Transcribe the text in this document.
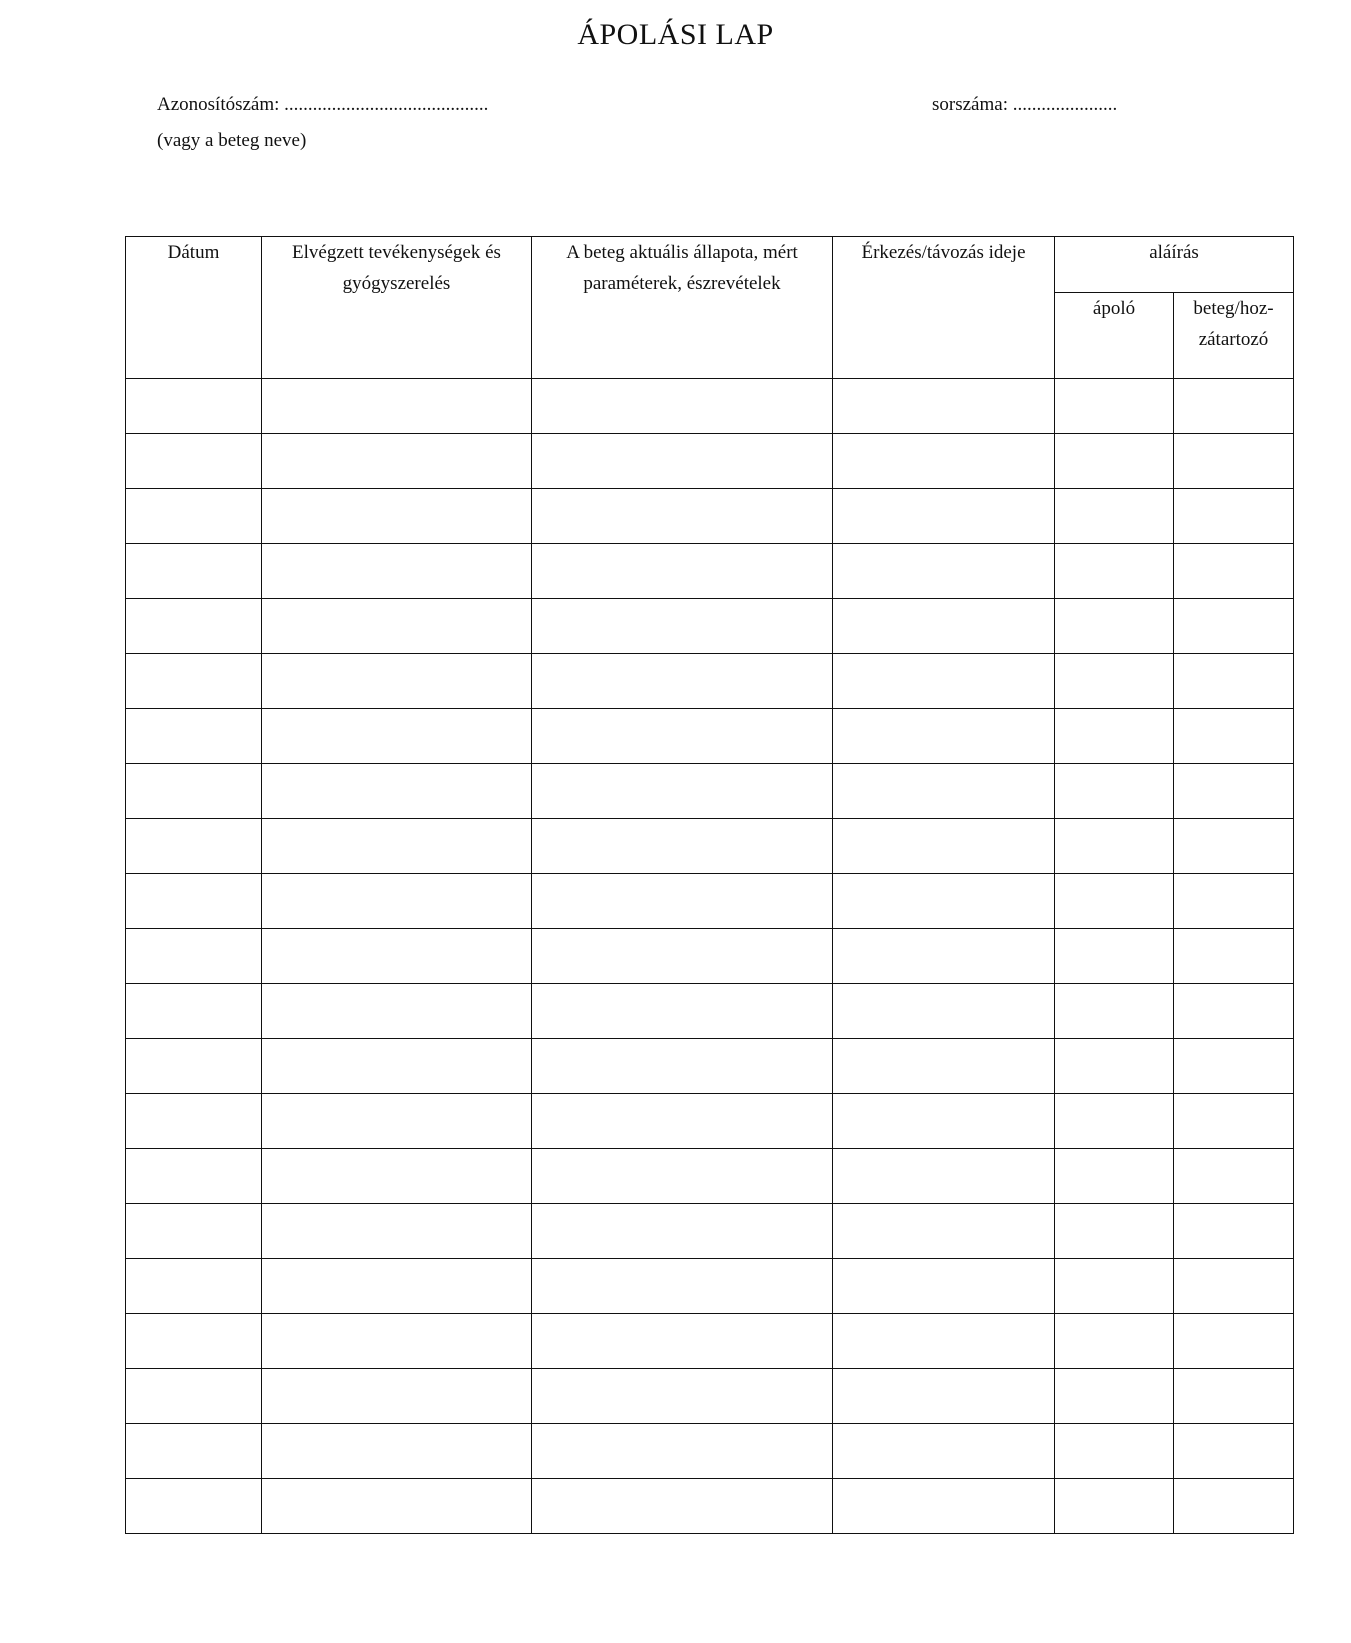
ÁPOLÁSI LAP
Azonosítószám: ...........................................	sorszáma: ......................
(vagy a beteg neve)
Dátum	Elvégzett tevékenységek és gyógyszerelés	A beteg aktuális állapota, mért paraméterek, észrevételek	Érkezés/távozás ideje	aláírás	
				ápoló	beteg/hoz-zátartozó
